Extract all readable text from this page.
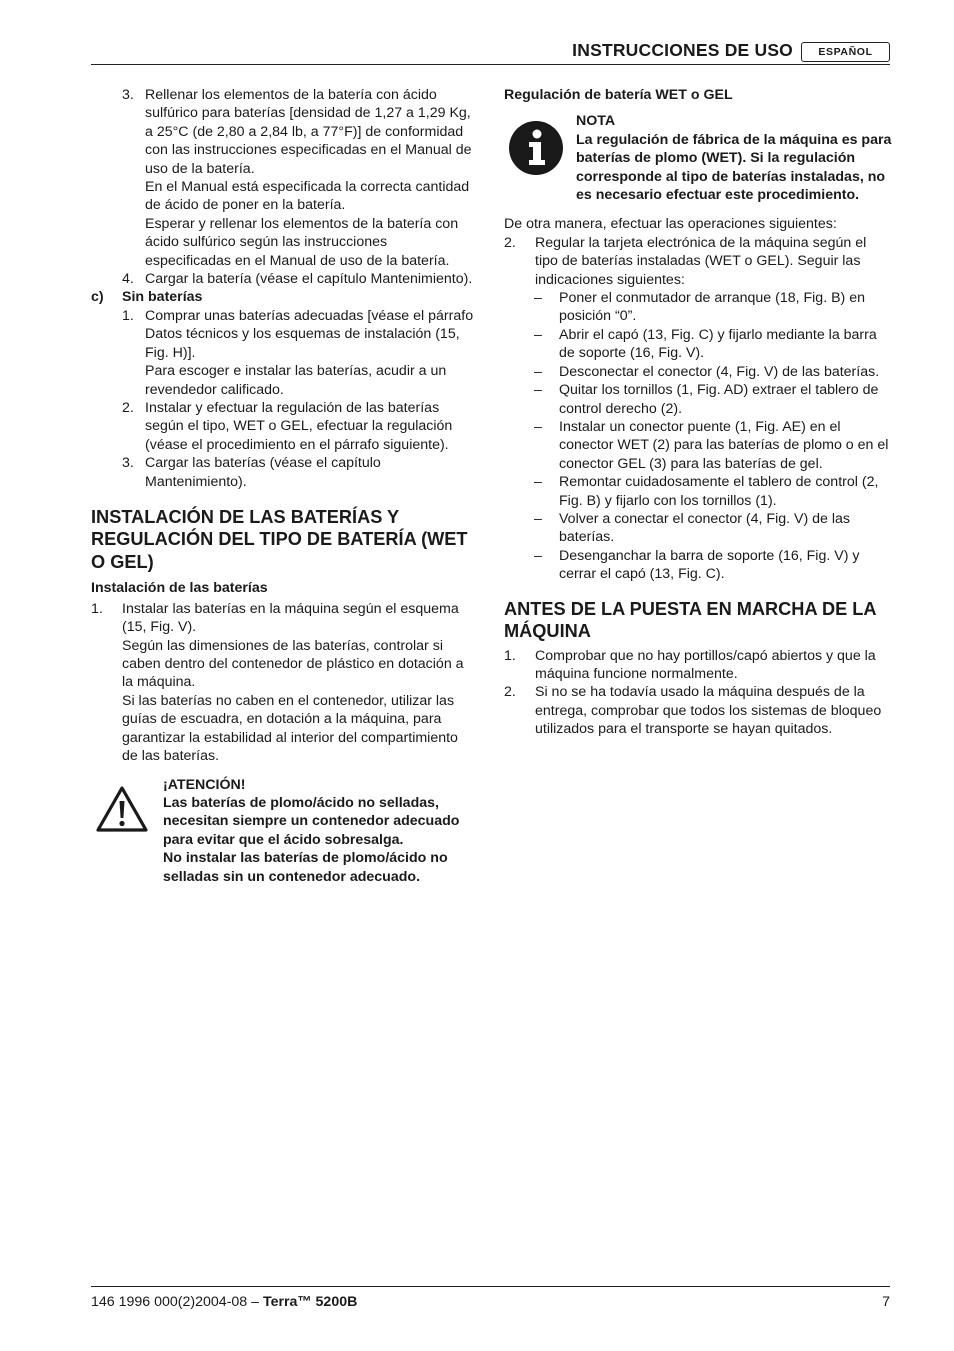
INSTRUCCIONES DE USO	ESPAÑOL
3. Rellenar los elementos de la batería con ácido sulfúrico para baterías [densidad de 1,27 a 1,29 Kg, a 25°C (de 2,80 a 2,84 lb, a 77°F)] de conformidad con las instrucciones especificadas en el Manual de uso de la batería.

En el Manual está especificada la correcta cantidad de ácido de poner en la batería.

Esperar y rellenar los elementos de la batería con ácido sulfúrico según las instrucciones especificadas en el Manual de uso de la batería.

4. Cargar la batería (véase el capítulo Mantenimiento).
c)	Sin baterías
1. Comprar unas baterías adecuadas [véase el párrafo Datos técnicos y los esquemas de instalación (15, Fig. H)].

Para escoger e instalar las baterías, acudir a un revendedor calificado.

2. Instalar y efectuar la regulación de las baterías según el tipo, WET o GEL, efectuar la regulación (véase el procedimiento en el párrafo siguiente).

3. Cargar las baterías (véase el capítulo Mantenimiento).

INSTALACIÓN DE LAS BATERÍAS Y REGULACIÓN DEL TIPO DE BATERÍA (WET O GEL)
Instalación de las baterías
1.	Instalar las baterías en la máquina según el esquema (15, Fig. V).

Según las dimensiones de las baterías, controlar si caben dentro del contenedor de plástico en dotación a la máquina.

Si las baterías no caben en el contenedor, utilizar las guías de escuadra, en dotación a la máquina, para garantizar la estabilidad al interior del compartimiento de las baterías.

¡ATENCIÓN!

Las baterías de plomo/ácido no selladas, necesitan siempre un contenedor adecuado para evitar que el ácido sobresalga.

No instalar las baterías de plomo/ácido no selladas sin un contenedor adecuado.

Regulación de batería WET o GEL

NOTA

La regulación de fábrica de la máquina es para baterías de plomo (WET). Si la regulación corresponde al tipo de baterías instaladas, no es necesario efectuar este procedimiento.

De otra manera, efectuar las operaciones siguientes:

2.	Regular la tarjeta electrónica de la máquina según el tipo de baterías instaladas (WET o GEL). Seguir las indicaciones siguientes:
–	Poner el conmutador de arranque (18, Fig. B) en posición “0”.
–	Abrir el capó (13, Fig. C) y fijarlo mediante la barra de soporte (16, Fig. V).
–	Desconectar el conector (4, Fig. V) de las baterías.
–	Quitar los tornillos (1, Fig. AD) extraer el tablero de control derecho (2).
–	Instalar un conector puente (1, Fig. AE) en el conector WET (2) para las baterías de plomo o en el conector GEL (3) para las baterías de gel.
–	Remontar cuidadosamente el tablero de control (2, Fig. B) y fijarlo con los tornillos (1).
–	Volver a conectar el conector (4, Fig. V) de las baterías.
–	Desenganchar la barra de soporte (16, Fig. V) y cerrar el capó (13, Fig. C).
ANTES DE LA PUESTA EN MARCHA DE LA MÁQUINA
1.	Comprobar que no hay portillos/capó abiertos y que la máquina funcione normalmente.
2.	Si no se ha todavía usado la máquina después de la entrega, comprobar que todos los sistemas de bloqueo utilizados para el transporte se hayan quitados.
146 1996 000(2)2004-08 – Terra™ 5200B	7
